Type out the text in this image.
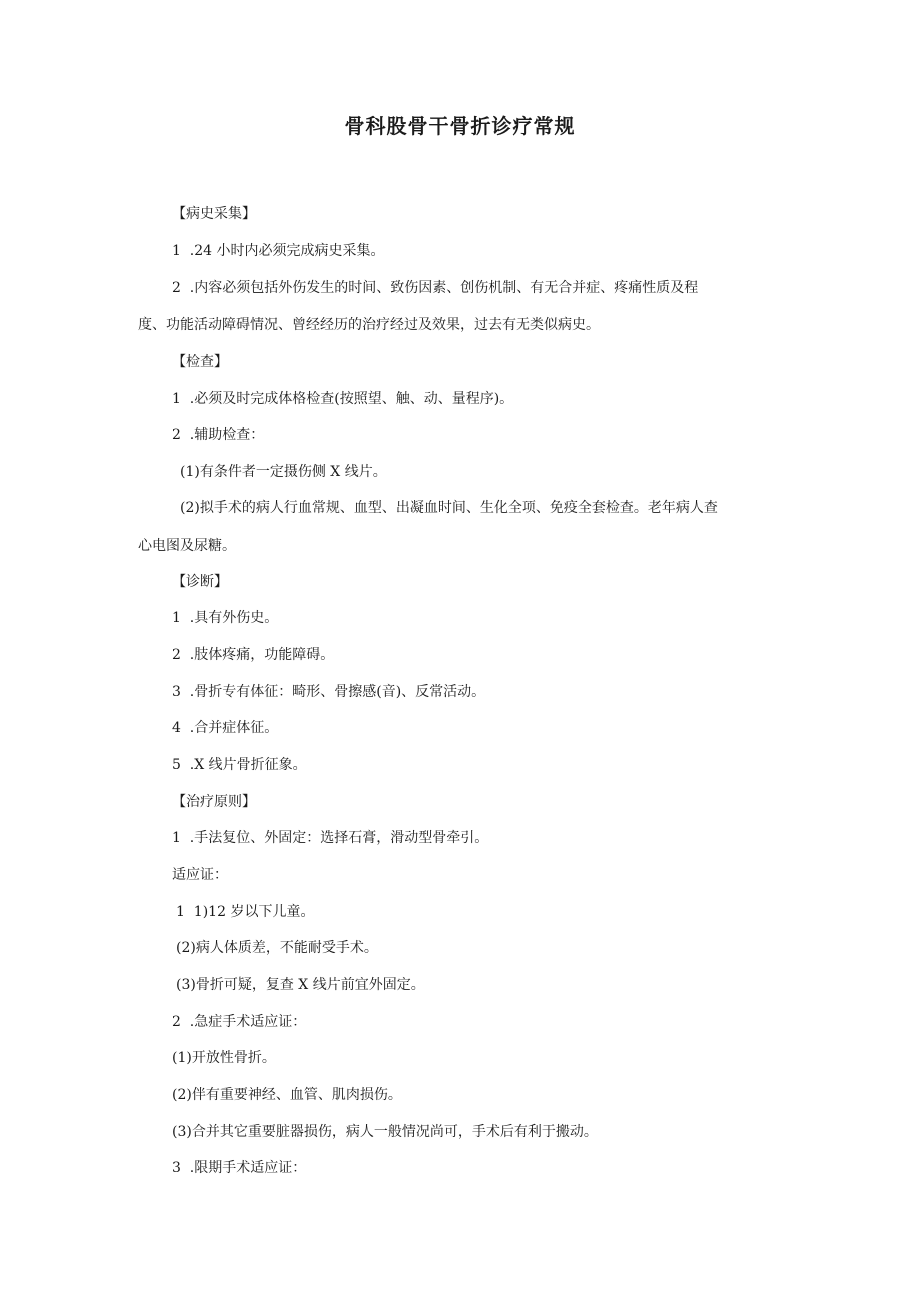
骨科股骨干骨折诊疗常规
【病史采集】
1  .24 小时内必须完成病史采集。
2  .内容必须包括外伤发生的时间、致伤因素、创伤机制、有无合并症、疼痛性质及程
度、功能活动障碍情况、曾经经历的治疗经过及效果，过去有无类似病史。
【检查】
1  .必须及时完成体格检查(按照望、触、动、量程序)。
2  .辅助检查：
(1)有条件者一定摄伤侧 X 线片。
(2)拟手术的病人行血常规、血型、出凝血时间、生化全项、免疫全套检查。老年病人查
心电图及尿糖。
【诊断】
1  .具有外伤史。
2  .肢体疼痛，功能障碍。
3  .骨折专有体征：畸形、骨擦感(音)、反常活动。
4  .合并症体征。
5  .X 线片骨折征象。
【治疗原则】
1  .手法复位、外固定：选择石膏，滑动型骨牵引。
适应证：
1  1)12 岁以下儿童。
(2)病人体质差，不能耐受手术。
(3)骨折可疑，复查 X 线片前宜外固定。
2  .急症手术适应证：
(1)开放性骨折。
(2)伴有重要神经、血管、肌肉损伤。
(3)合并其它重要脏器损伤，病人一般情况尚可，手术后有利于搬动。
3  .限期手术适应证：
